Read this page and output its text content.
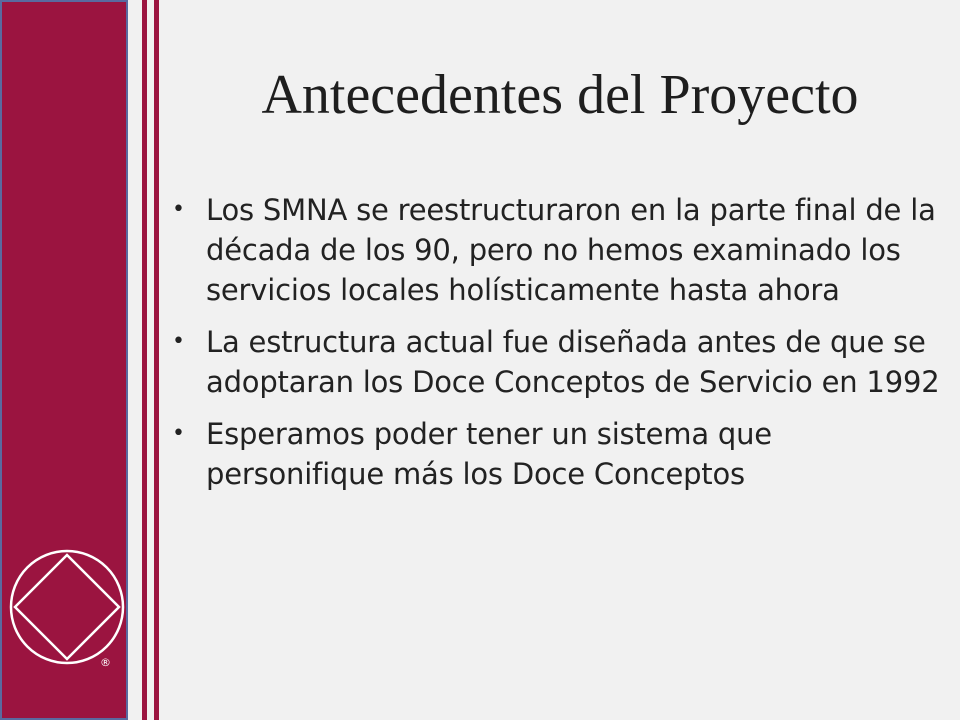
®
Antecedentes del Proyecto
• Los SMNA se reestructuraron en la parte final de la década de los 90, pero no hemos examinado los servicios locales holísticamente hasta ahora
• La estructura actual fue diseñada antes de que se adoptaran los Doce Conceptos de Servicio en 1992
• Esperamos poder tener un sistema que personifique más los Doce Conceptos
